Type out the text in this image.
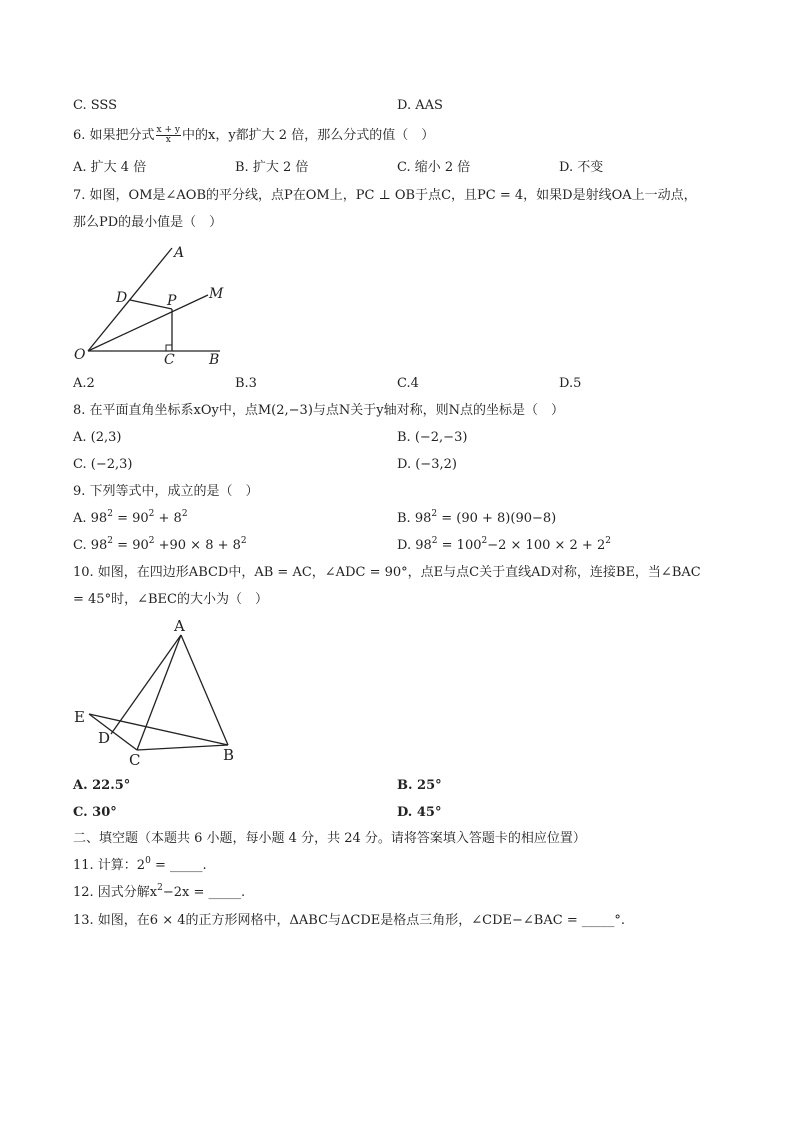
C. SSS	D. AAS
6. 如果把分式 $\frac{x + y}{x}$ 中的x，y都扩大 2 倍，那么分式的值（　）
A. 扩大 4 倍	B. 扩大 2 倍	C. 缩小 2 倍	D. 不变
7. 如图，OM是∠AOB的平分线，点P在OM上，PC ⊥ OB于点C，且PC = 4，如果D是射线OA上一动点，
那么PD的最小值是（　）
A
M
D	P
O	C B
A.2	B.3	C.4	D.5
8. 在平面直角坐标系xOy中，点M(2,−3)与点N关于y轴对称，则N点的坐标是（　）
A. (2,3)	B. (−2,−3)
C. (−2,3)	D. (−3,2)
9. 下列等式中，成立的是（　）
A. $98^2 = 90^2 + 8^2$	B. $98^2 = (90 + 8)(90-8)$
C. $98^2 = 90^2 +90 \times 8 + 8^2$	D. $98^2 = 100^2-2 \times 100 \times 2 + 2^2$
10. 如图，在四边形ABCD中，AB = AC，∠ADC = 90°，点E与点C关于直线AD对称，连接BE，当∠BAC
= 45°时，∠BEC的大小为（　）
A
E
D
C	B
A. 22.5°	B. 25°
C. 30°	D. 45°
二、填空题（本题共 6 小题，每小题 4 分，共 24 分。请将答案填入答题卡的相应位置）
11. 计算：$2^0$ = _____.
12. 因式分解$x^2-2x$ = _____.
13. 如图，在6 × 4的正方形网格中，ΔABC与ΔCDE是格点三角形，∠CDE−∠BAC = _____°.
